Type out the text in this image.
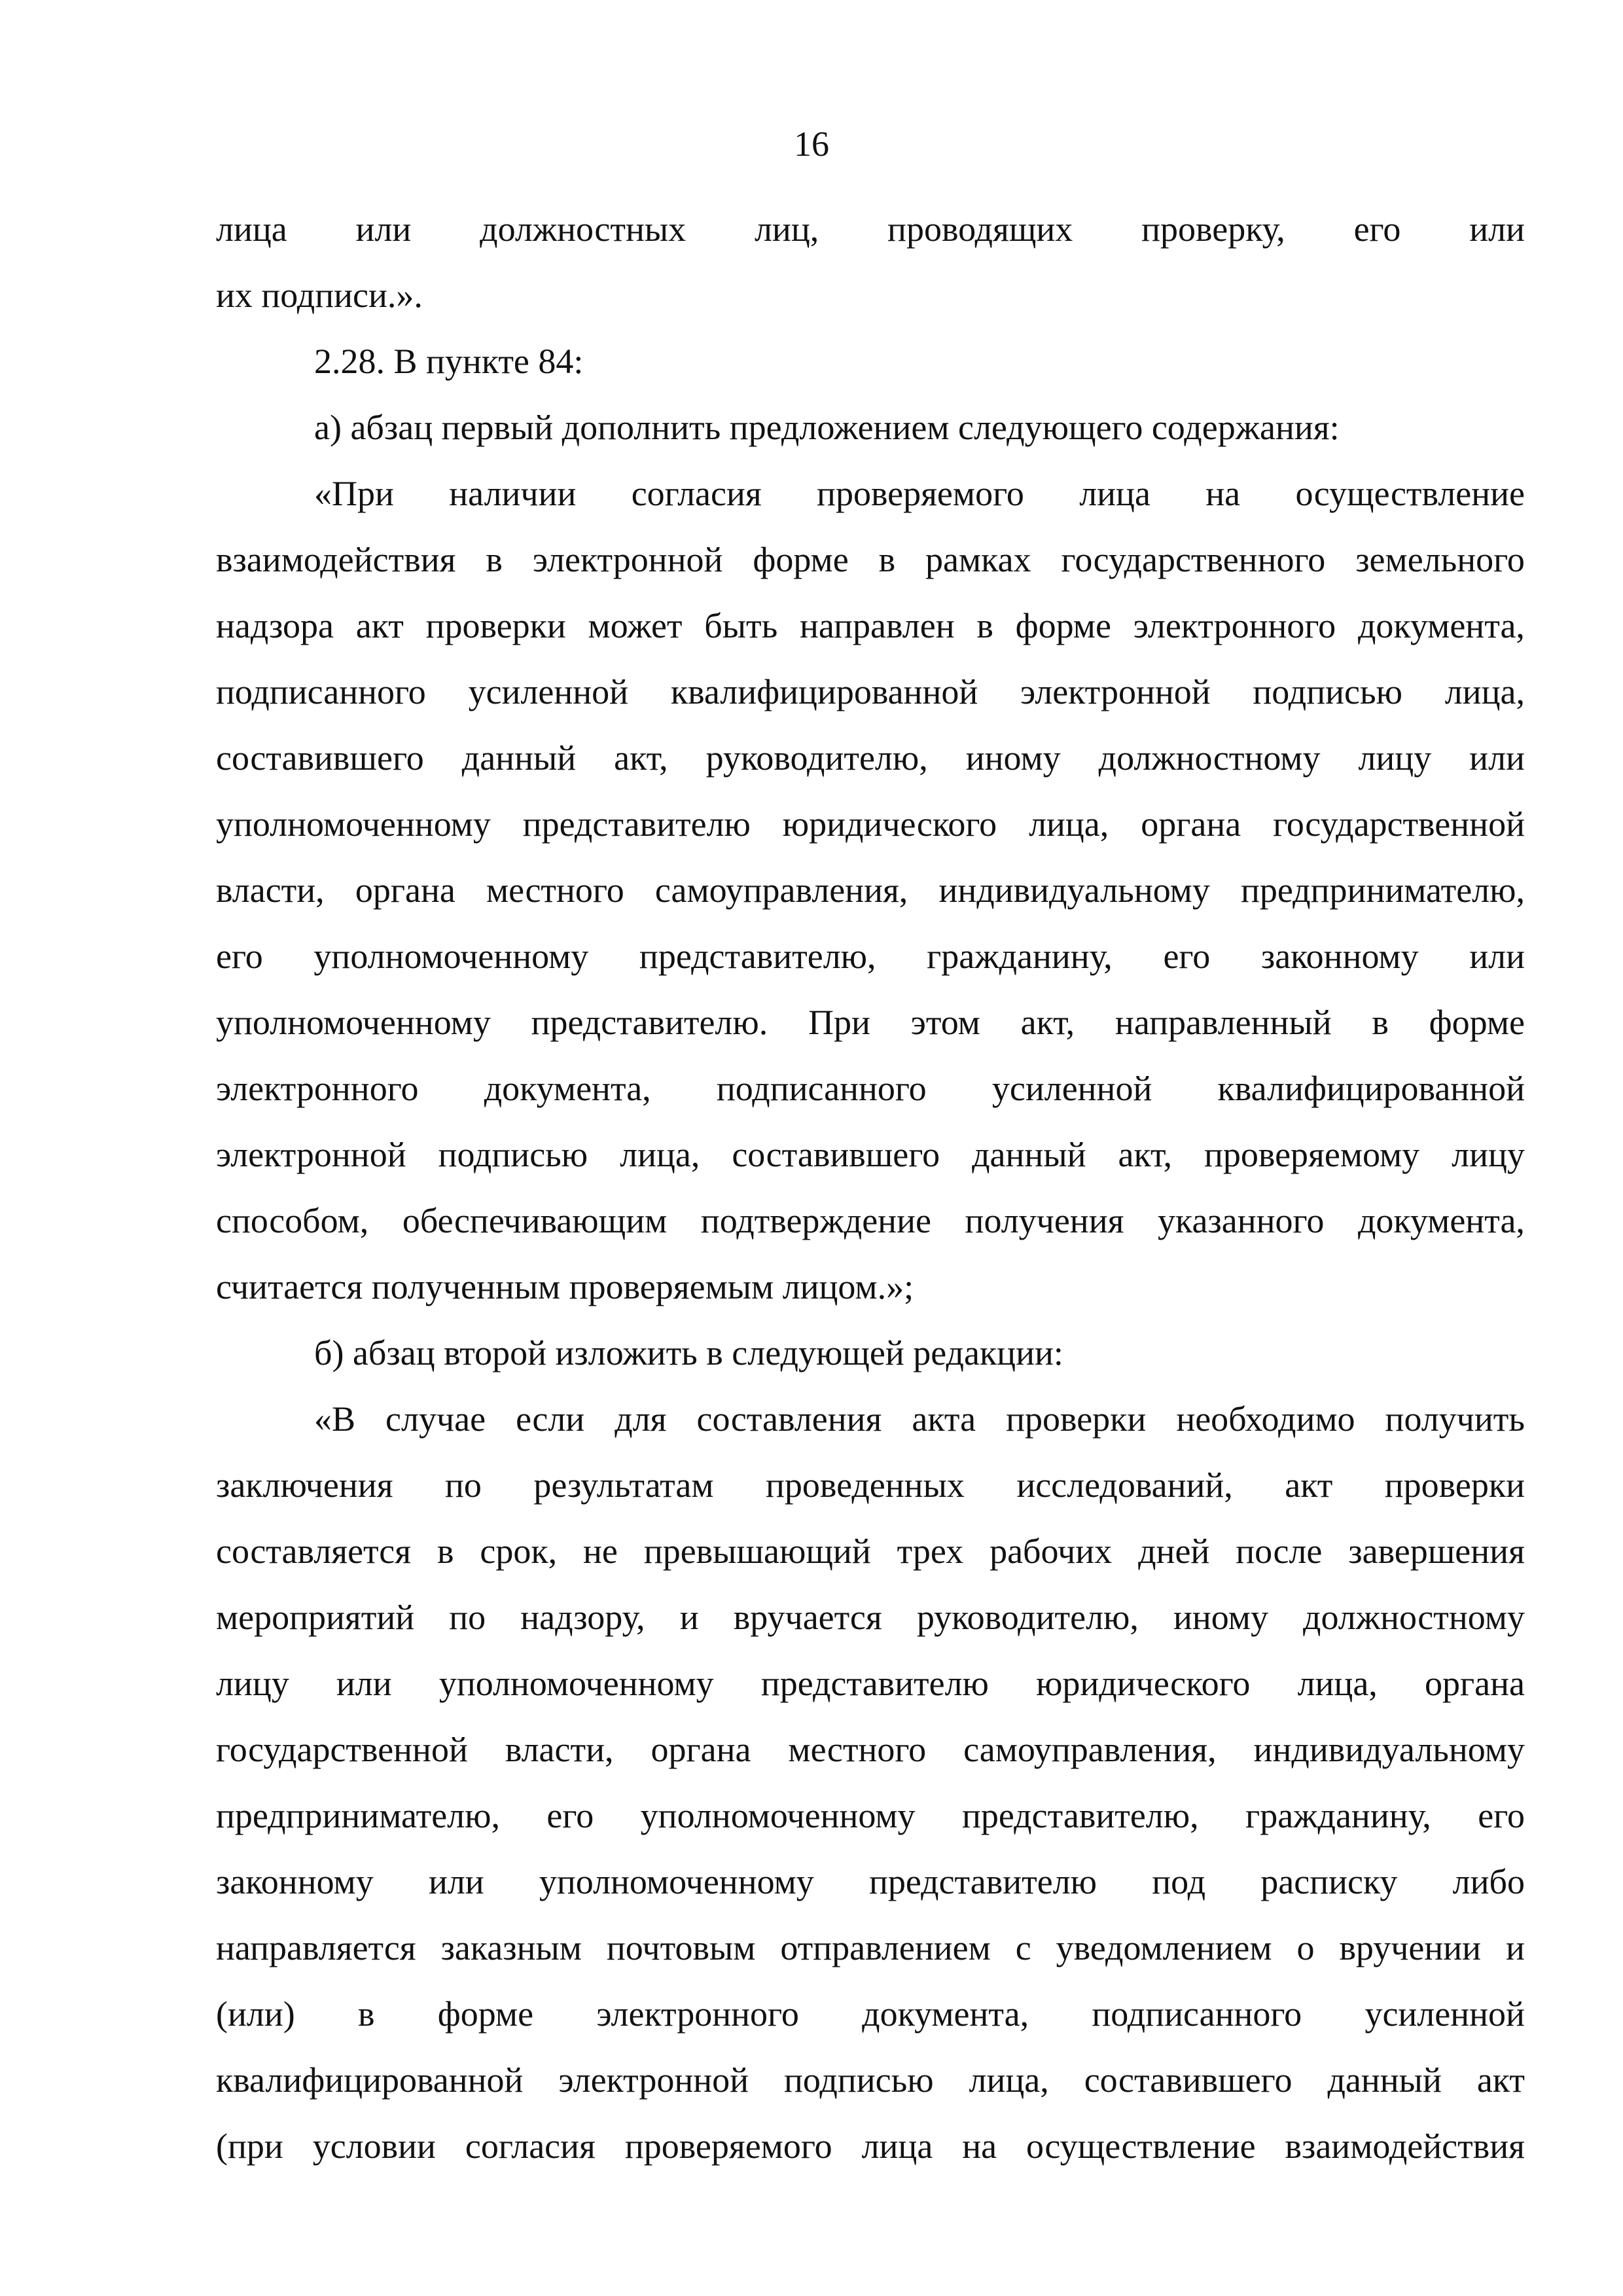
16
лица или должностных лиц, проводящих проверку, его или
их подписи.».
2.28. В пункте 84:
а) абзац первый дополнить предложением следующего содержания:
«При наличии согласия проверяемого лица на осуществление
взаимодействия в электронной форме в рамках государственного земельного
надзора акт проверки может быть направлен в форме электронного документа,
подписанного усиленной квалифицированной электронной подписью лица,
составившего данный акт, руководителю, иному должностному лицу или
уполномоченному представителю юридического лица, органа государственной
власти, органа местного самоуправления, индивидуальному предпринимателю,
его уполномоченному представителю, гражданину, его законному или
уполномоченному представителю. При этом акт, направленный в форме
электронного документа, подписанного усиленной квалифицированной
электронной подписью лица, составившего данный акт, проверяемому лицу
способом, обеспечивающим подтверждение получения указанного документа,
считается полученным проверяемым лицом.»;
б) абзац второй изложить в следующей редакции:
«В случае если для составления акта проверки необходимо получить
заключения по результатам проведенных исследований, акт проверки
составляется в срок, не превышающий трех рабочих дней после завершения
мероприятий по надзору, и вручается руководителю, иному должностному
лицу или уполномоченному представителю юридического лица, органа
государственной власти, органа местного самоуправления, индивидуальному
предпринимателю, его уполномоченному представителю, гражданину, его
законному или уполномоченному представителю под расписку либо
направляется заказным почтовым отправлением с уведомлением о вручении и
(или) в форме электронного документа, подписанного усиленной
квалифицированной электронной подписью лица, составившего данный акт
(при условии согласия проверяемого лица на осуществление взаимодействия
